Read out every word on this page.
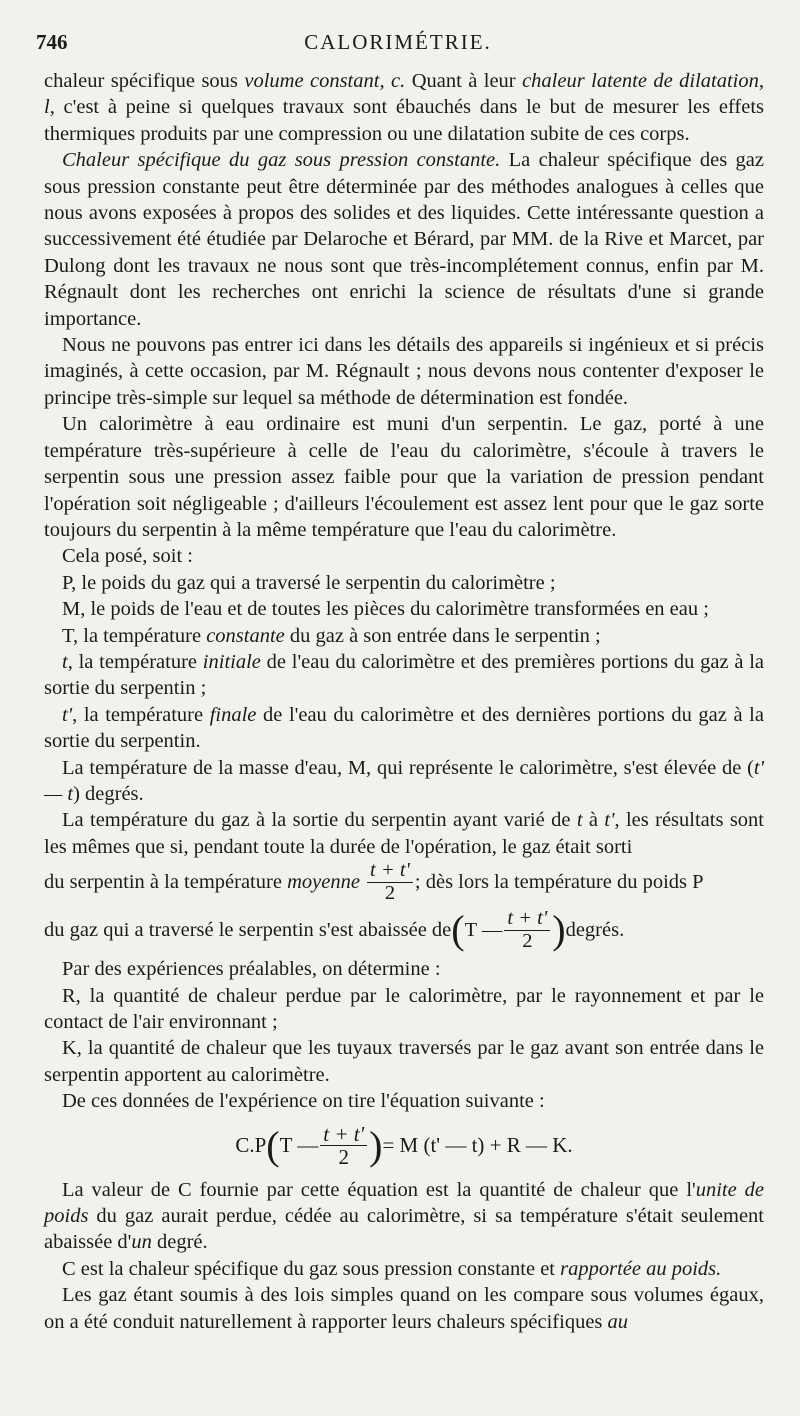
746	CALORIMÉTRIE.

chaleur spécifique sous volume constant, c. Quant à leur chaleur latente de dilatation, l, c'est à peine si quelques travaux sont ébauchés dans le but de mesurer les effets thermiques produits par une compression ou une dilatation subite de ces corps.

Chaleur spécifique du gaz sous pression constante. La chaleur spécifique des gaz sous pression constante peut être déterminée par des méthodes analogues à celles que nous avons exposées à propos des solides et des liquides. Cette intéressante question a successivement été étudiée par Delaroche et Bérard, par MM. de la Rive et Marcet, par Dulong dont les travaux ne nous sont que très-incomplétement connus, enfin par M. Régnault dont les recherches ont enrichi la science de résultats d'une si grande importance.

Nous ne pouvons pas entrer ici dans les détails des appareils si ingénieux et si précis imaginés, à cette occasion, par M. Régnault ; nous devons nous contenter d'exposer le principe très-simple sur lequel sa méthode de détermination est fondée.

Un calorimètre à eau ordinaire est muni d'un serpentin. Le gaz, porté à une température très-supérieure à celle de l'eau du calorimètre, s'écoule à travers le serpentin sous une pression assez faible pour que la variation de pression pendant l'opération soit négligeable ; d'ailleurs l'écoulement est assez lent pour que le gaz sorte toujours du serpentin à la même température que l'eau du calorimètre.

Cela posé, soit :

P, le poids du gaz qui a traversé le serpentin du calorimètre ;

M, le poids de l'eau et de toutes les pièces du calorimètre transformées en eau ;

T, la température constante du gaz à son entrée dans le serpentin ;

t, la température initiale de l'eau du calorimètre et des premières portions du gaz à la sortie du serpentin ;

t', la température finale de l'eau du calorimètre et des dernières portions du gaz à la sortie du serpentin.

La température de la masse d'eau, M, qui représente le calorimètre, s'est élevée de (t' — t) degrés.

La température du gaz à la sortie du serpentin ayant varié de t à t', les résultats sont les mêmes que si, pendant toute la durée de l'opération, le gaz était sorti

du serpentin à la température
moyenne
$\frac{t + t'}{2}$ ; dès lors la température du poids P
du gaz qui a traversé le serpentin s'est abaissée de ( T — $\frac{t + t'}{2}$ ) degrés.

Par des expériences préalables, on détermine :

R, la quantité de chaleur perdue par le calorimètre, par le rayonnement et par le contact de l'air environnant ;

K, la quantité de chaleur que les tuyaux traversés par le gaz avant son entrée dans le serpentin apportent au calorimètre.

De ces données de l'expérience on tire l'équation suivante :

C.P ( T — $\frac{t + t'}{2}$ ) = M (t' — t) + R — K.

La valeur de C fournie par cette équation est la quantité de chaleur que l'unite de poids du gaz aurait perdue, cédée au calorimètre, si sa température s'était seulement abaissée d'un degré.

C est la chaleur spécifique du gaz sous pression constante et rapportée au poids.

Les gaz étant soumis à des lois simples quand on les compare sous volumes égaux, on a été conduit naturellement à rapporter leurs chaleurs spécifiques au
